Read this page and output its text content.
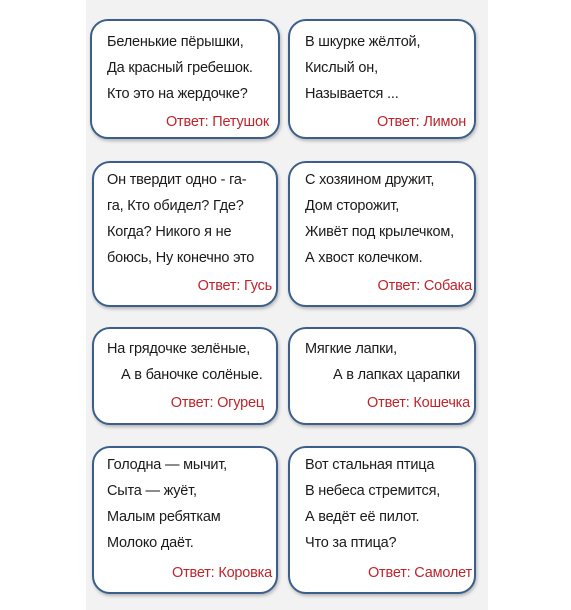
Беленькие пёрышки,
Да красный гребешок.
Кто это на жердочке?
Ответ: Петушок
В шкурке жёлтой,
Кислый он,
Называется ...
Ответ: Лимон
Он твердит одно - га-
га, Кто обидел? Где?
Когда? Никого я не
боюсь, Ну конечно это
Ответ: Гусь
С хозяином дружит,
Дом сторожит,
Живёт под крылечком,
А хвост колечком.
Ответ: Собака
На грядочке зелёные,
А в баночке солёные.
Ответ: Огурец
Мягкие лапки,
А в лапках царапки
Ответ: Кошечка
Голодна — мычит,
Сыта — жуёт,
Малым ребяткам
Молоко даёт.
Ответ: Коровка
Вот стальная птица
В небеса стремится,
А ведёт её пилот.
Что за птица?
Ответ: Самолет
